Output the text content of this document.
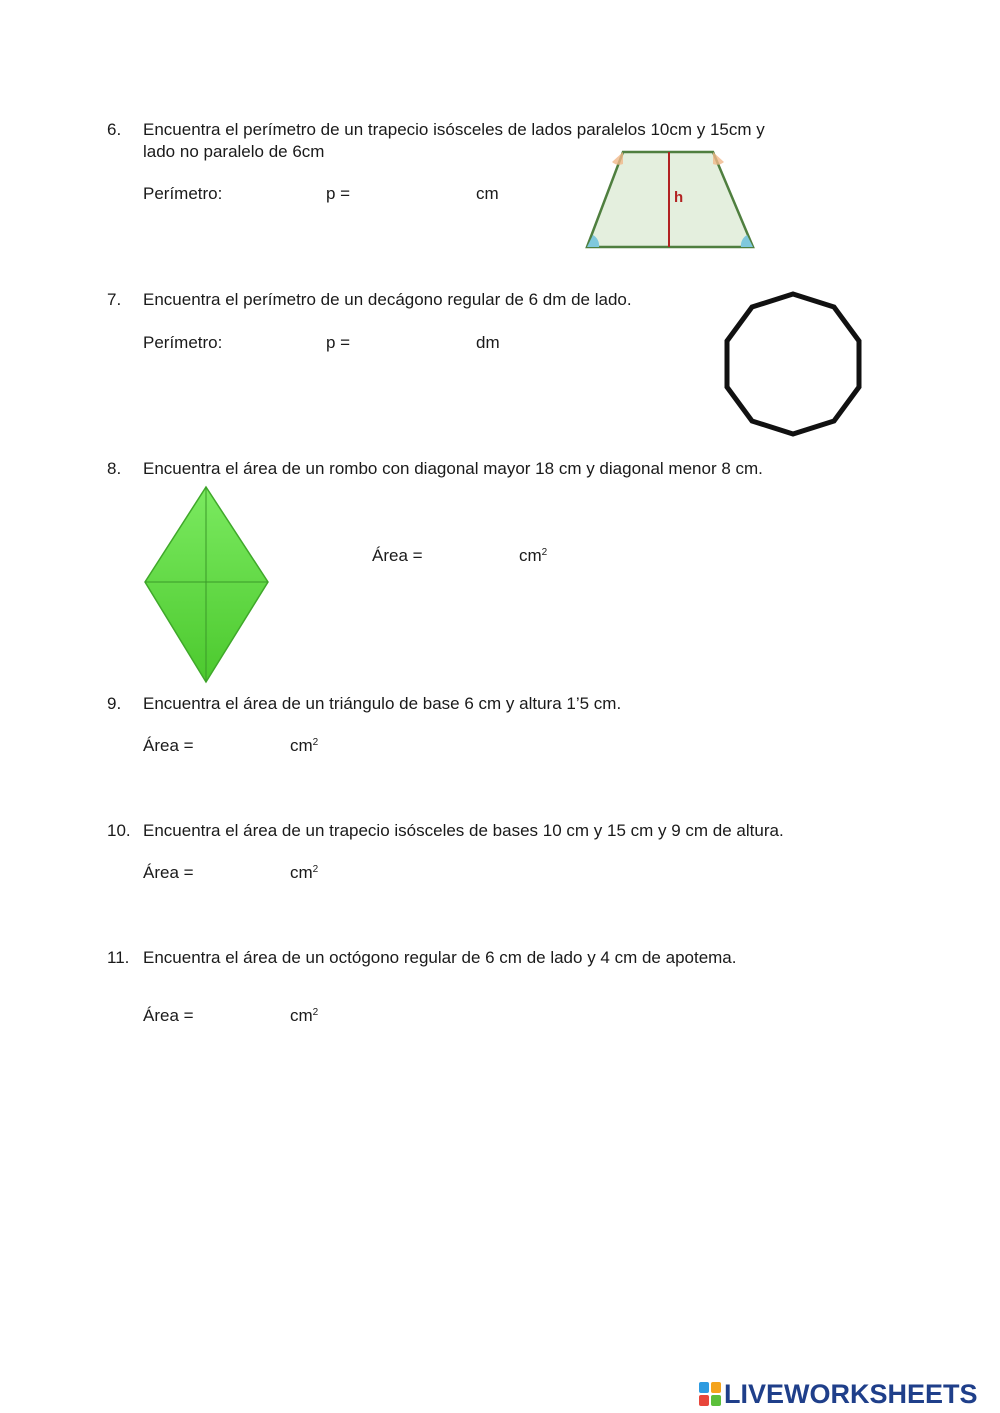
6. Encuentra el perímetro de un trapecio isósceles de lados paralelos 10cm y 15cm y
lado no paralelo de 6cm
Perímetro:	p =	cm	h
7. Encuentra el perímetro de un decágono regular de 6 dm de lado.
Perímetro:	p =	dm
8. Encuentra el área de un rombo con diagonal mayor 18 cm y diagonal menor 8 cm.
Área =	$cm^2$
9. Encuentra el área de un triángulo de base 6 cm y altura 1’5 cm.
Área =	$cm^2$
10. Encuentra el área de un trapecio isósceles de bases 10 cm y 15 cm y 9 cm de altura.
Área =	$cm^2$
11. Encuentra el área de un octógono regular de 6 cm de lado y 4 cm de apotema.
Área =	$cm^2$
LIVEWORKSHEETS
